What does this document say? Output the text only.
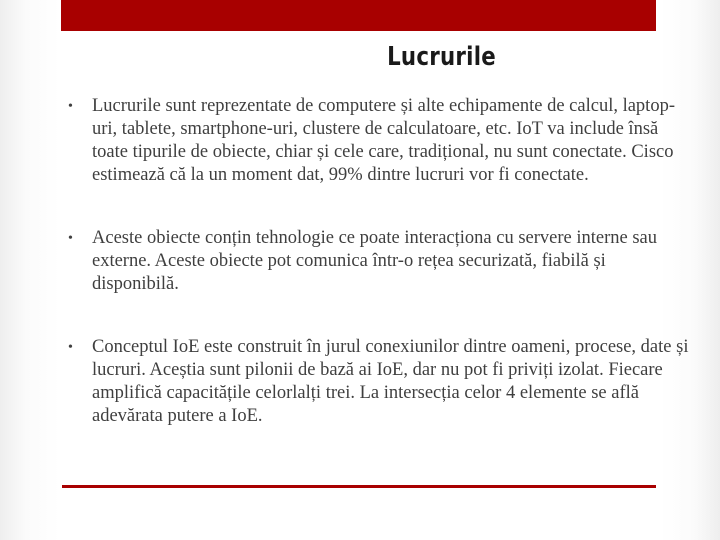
Lucrurile
• Lucrurile sunt reprezentate de computere și alte echipamente de calcul, laptop-uri, tablete, smartphone-uri, clustere de calculatoare, etc. IoT va include însă toate tipurile de obiecte, chiar și cele care, tradițional, nu sunt conectate. Cisco estimează că la un moment dat, 99% dintre lucruri vor fi conectate.
• Aceste obiecte conțin tehnologie ce poate interacționa cu servere interne sau externe. Aceste obiecte pot comunica într-o rețea securizată, fiabilă și disponibilă.
• Conceptul IoE este construit în jurul conexiunilor dintre oameni, procese, date și lucruri. Aceștia sunt pilonii de bază ai IoE, dar nu pot fi priviți izolat. Fiecare amplifică capacitățile celorlalți trei. La intersecția celor 4 elemente se află adevărata putere a IoE.
